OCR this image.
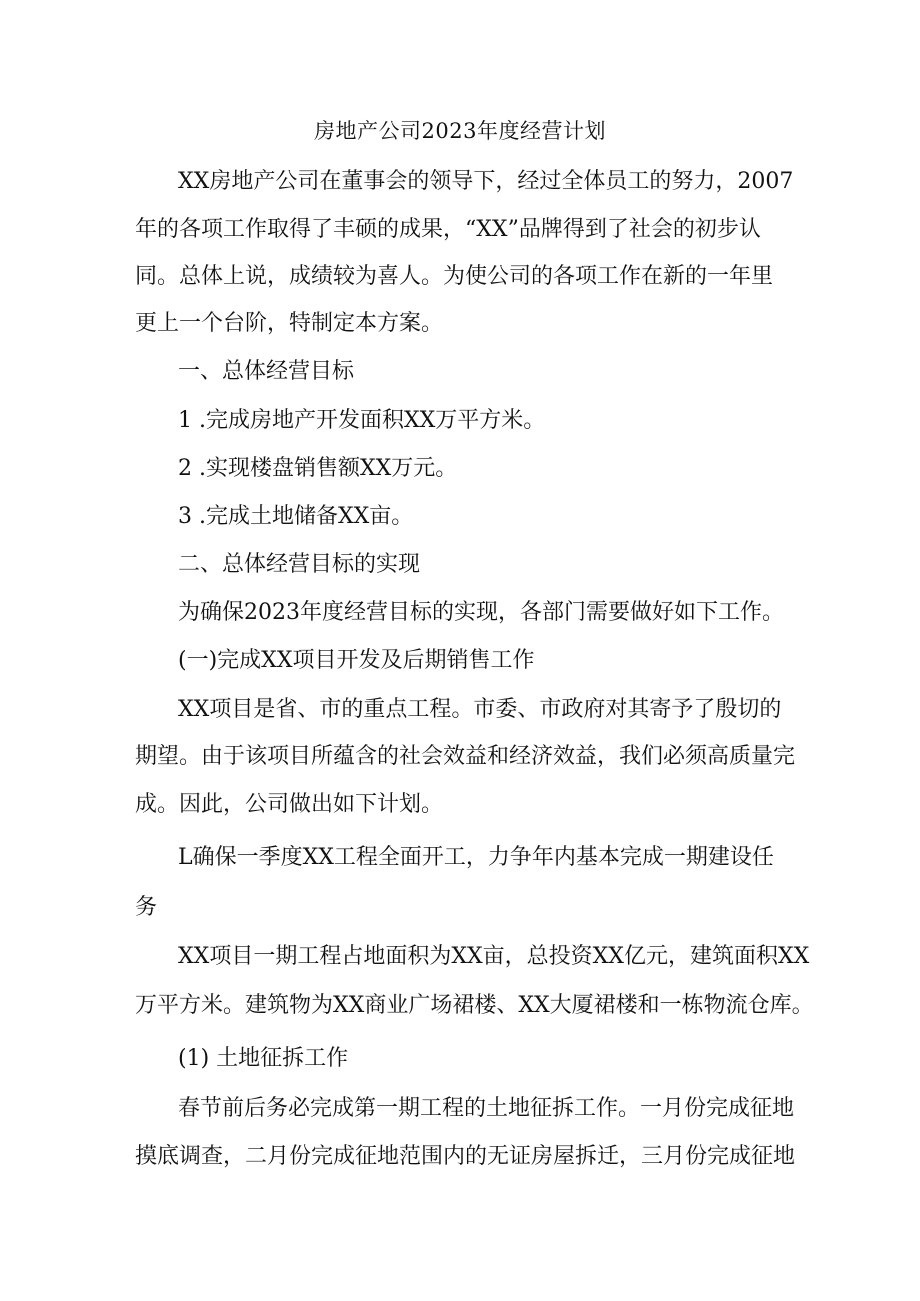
房地产公司2023年度经营计划
XX房地产公司在董事会的领导下，经过全体员工的努力，2007
年的各项工作取得了丰硕的成果，“XX”品牌得到了社会的初步认
同。总体上说，成绩较为喜人。为使公司的各项工作在新的一年里
更上一个台阶，特制定本方案。
一、总体经营目标
1 .完成房地产开发面积XX万平方米。
2 .实现楼盘销售额XX万元。
3 .完成土地储备XX亩。
二、总体经营目标的实现
为确保2023年度经营目标的实现，各部门需要做好如下工作。
(一)完成XX项目开发及后期销售工作
XX项目是省、市的重点工程。市委、市政府对其寄予了殷切的
期望。由于该项目所蕴含的社会效益和经济效益，我们必须高质量完
成。因此，公司做出如下计划。
L确保一季度XX工程全面开工，力争年内基本完成一期建设任
务
XX项目一期工程占地面积为XX亩，总投资XX亿元，建筑面积XX
万平方米。建筑物为XX商业广场裙楼、XX大厦裙楼和一栋物流仓库。
(1) 土地征拆工作
春节前后务必完成第一期工程的土地征拆工作。一月份完成征地
摸底调查，二月份完成征地范围内的无证房屋拆迁，三月份完成征地
